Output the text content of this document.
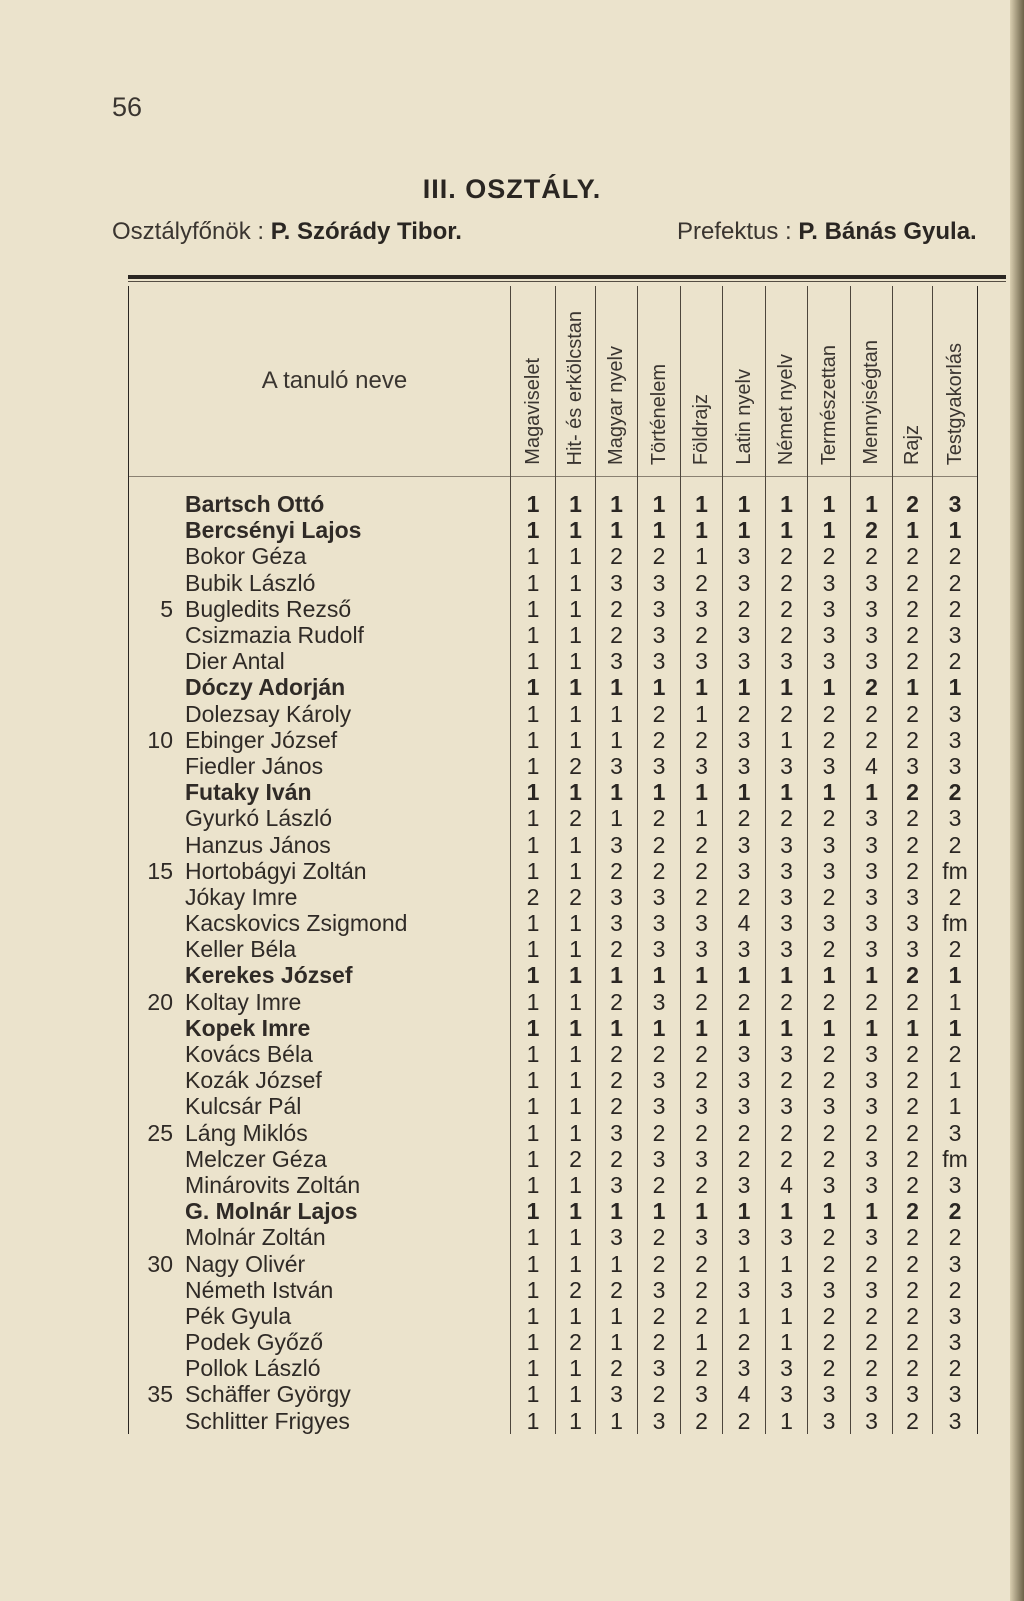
56
III. OSZTÁLY.
Osztályfőnök : P. Szórády Tibor.	Prefektus : P. Bánás Gyula.
A tanuló neve	Magaviselet	Hit- és erkölcstan	Magyar nyelv	Történelem	Földrajz	Latin nyelv	Német nyelv	Természettan	Mennyiségtan	Rajz	Testgyakorlás

Bartsch Ottó	1	1	1	1	1	1	1	1	1	2	3
Bercsényi Lajos	1	1	1	1	1	1	1	1	2	1	1
Bokor Géza	1	1	2	2	1	3	2	2	2	2	2
Bubik László	1	1	3	3	2	3	2	3	3	2	2
5 Bugledits Rezső	1	1	2	3	3	2	2	3	3	2	2
Csizmazia Rudolf	1	1	2	3	2	3	2	3	3	2	3
Dier Antal	1	1	3	3	3	3	3	3	3	2	2
Dóczy Adorján	1	1	1	1	1	1	1	1	2	1	1
Dolezsay Károly	1	1	1	2	1	2	2	2	2	2	3
10 Ebinger József	1	1	1	2	2	3	1	2	2	2	3
Fiedler János	1	2	3	3	3	3	3	3	4	3	3
Futaky Iván	1	1	1	1	1	1	1	1	1	2	2
Gyurkó László	1	2	1	2	1	2	2	2	3	2	3
Hanzus János	1	1	3	2	2	3	3	3	3	2	2
15 Hortobágyi Zoltán	1	1	2	2	2	3	3	3	3	2	fm
Jókay Imre	2	2	3	3	2	2	3	2	3	3	2
Kacskovics Zsigmond	1	1	3	3	3	4	3	3	3	3	fm
Keller Béla	1	1	2	3	3	3	3	2	3	3	2
Kerekes József	1	1	1	1	1	1	1	1	1	2	1
20 Koltay Imre	1	1	2	3	2	2	2	2	2	2	1
Kopek Imre	1	1	1	1	1	1	1	1	1	1	1
Kovács Béla	1	1	2	2	2	3	3	2	3	2	2
Kozák József	1	1	2	3	2	3	2	2	3	2	1
Kulcsár Pál	1	1	2	3	3	3	3	3	3	2	1
25 Láng Miklós	1	1	3	2	2	2	2	2	2	2	3
Melczer Géza	1	2	2	3	3	2	2	2	3	2	fm
Minárovits Zoltán	1	1	3	2	2	3	4	3	3	2	3
G. Molnár Lajos	1	1	1	1	1	1	1	1	1	2	2
Molnár Zoltán	1	1	3	2	3	3	3	2	3	2	2
30 Nagy Olivér	1	1	1	2	2	1	1	2	2	2	3
Németh István	1	2	2	3	2	3	3	3	3	2	2
Pék Gyula	1	1	1	2	2	1	1	2	2	2	3
Podek Győző	1	2	1	2	1	2	1	2	2	2	3
Pollok László	1	1	2	3	2	3	3	2	2	2	2
35 Schäffer György	1	1	3	2	3	4	3	3	3	3	3
Schlitter Frigyes	1	1	1	3	2	2	1	3	3	2	3
